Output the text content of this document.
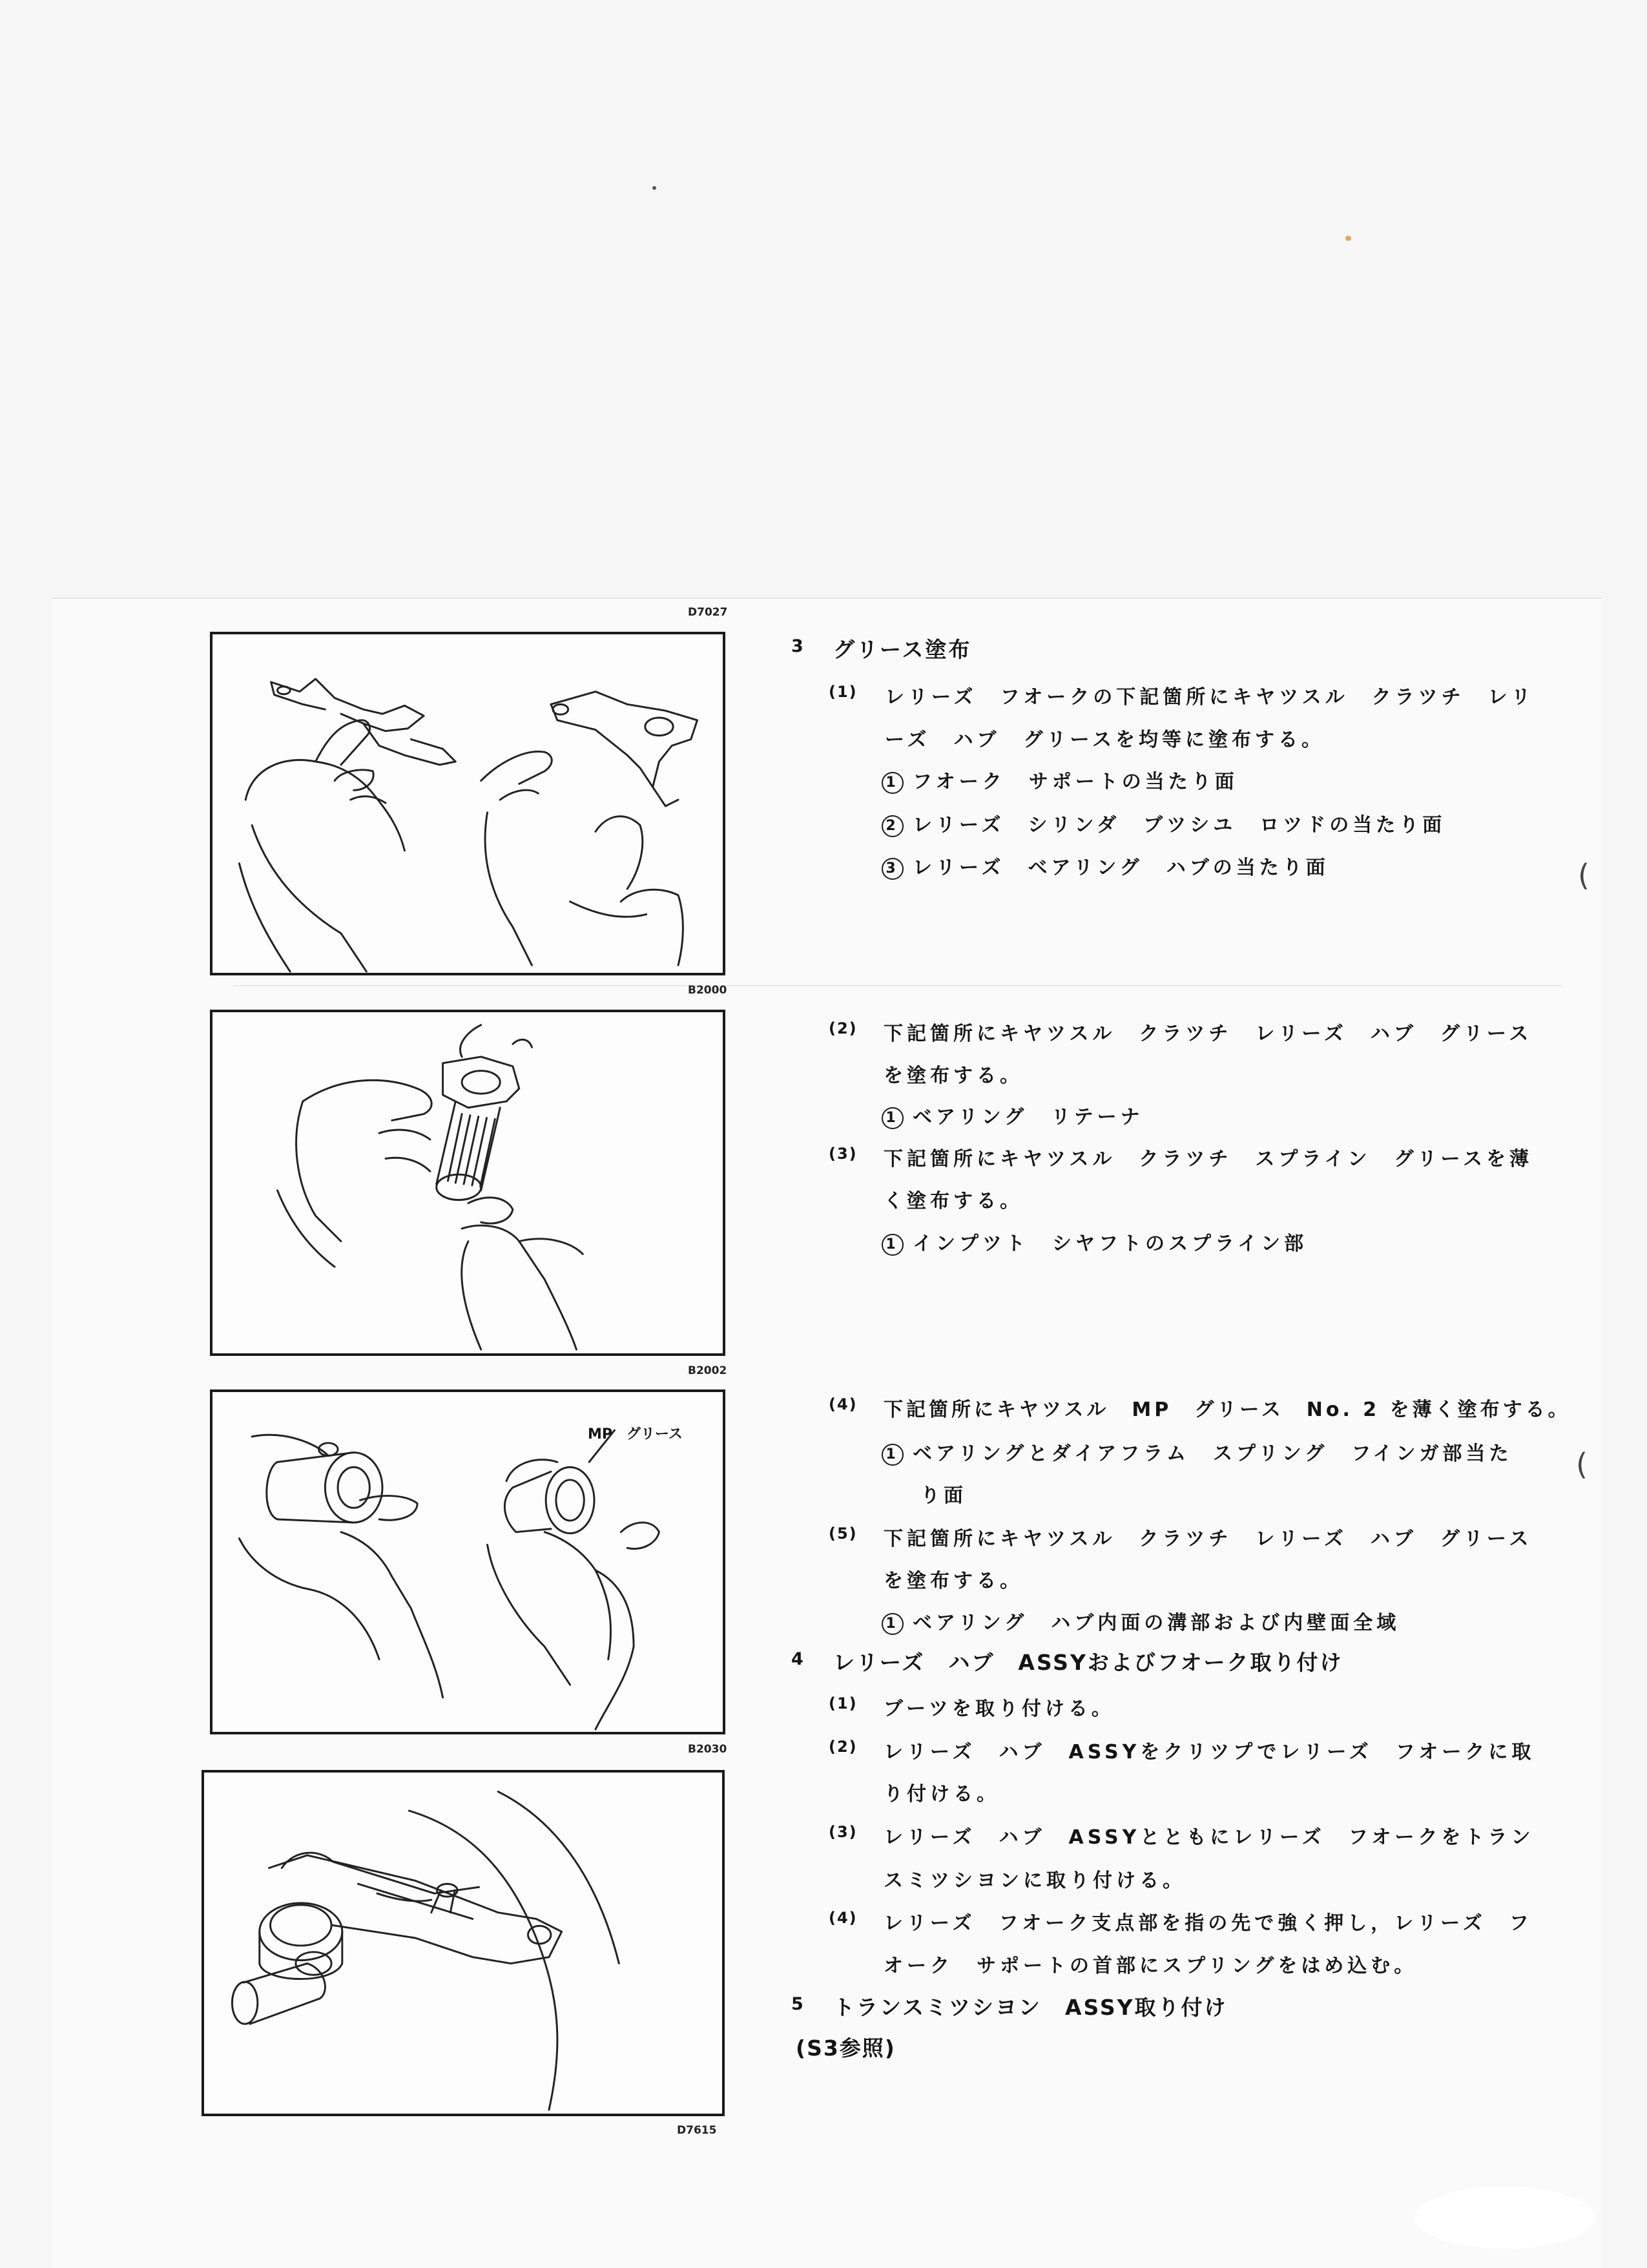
D7027
B2000
B2002
MP　グリース
B2030
D7615
3 グリース塗布
(1) レリーズ　フオークの下記箇所にキヤツスル　クラツチ　レリ
ーズ　ハブ　グリースを均等に塗布する。
1 フオーク　サポートの当たり面
2 レリーズ　シリンダ　ブツシユ　ロツドの当たり面
3 レリーズ　ベアリング　ハブの当たり面	(
(2) 下記箇所にキヤツスル　クラツチ　レリーズ　ハブ　グリース
を塗布する。
1 ベアリング　リテーナ
(3) 下記箇所にキヤツスル　クラツチ　スプライン　グリースを薄
く塗布する。
1 インプツト　シヤフトのスプライン部
(4) 下記箇所にキヤツスル　MP　グリース　No. 2 を薄く塗布する。
1 ベアリングとダイアフラム　スプリング　フインガ部当た
り面
(
(5) 下記箇所にキヤツスル　クラツチ　レリーズ　ハブ　グリース
を塗布する。
1 ベアリング　ハブ内面の溝部および内壁面全域
4 レリーズ　ハブ　ASSYおよびフオーク取り付け
(1) ブーツを取り付ける。
(2) レリーズ　ハブ　ASSYをクリツプでレリーズ　フオークに取
り付ける。
(3) レリーズ　ハブ　ASSYとともにレリーズ　フオークをトラン
スミツシヨンに取り付ける。
(4) レリーズ　フオーク支点部を指の先で強く押し，レリーズ　フ
オーク　サポートの首部にスプリングをはめ込む。
5 トランスミツシヨン　ASSY取り付け
(S3参照)
